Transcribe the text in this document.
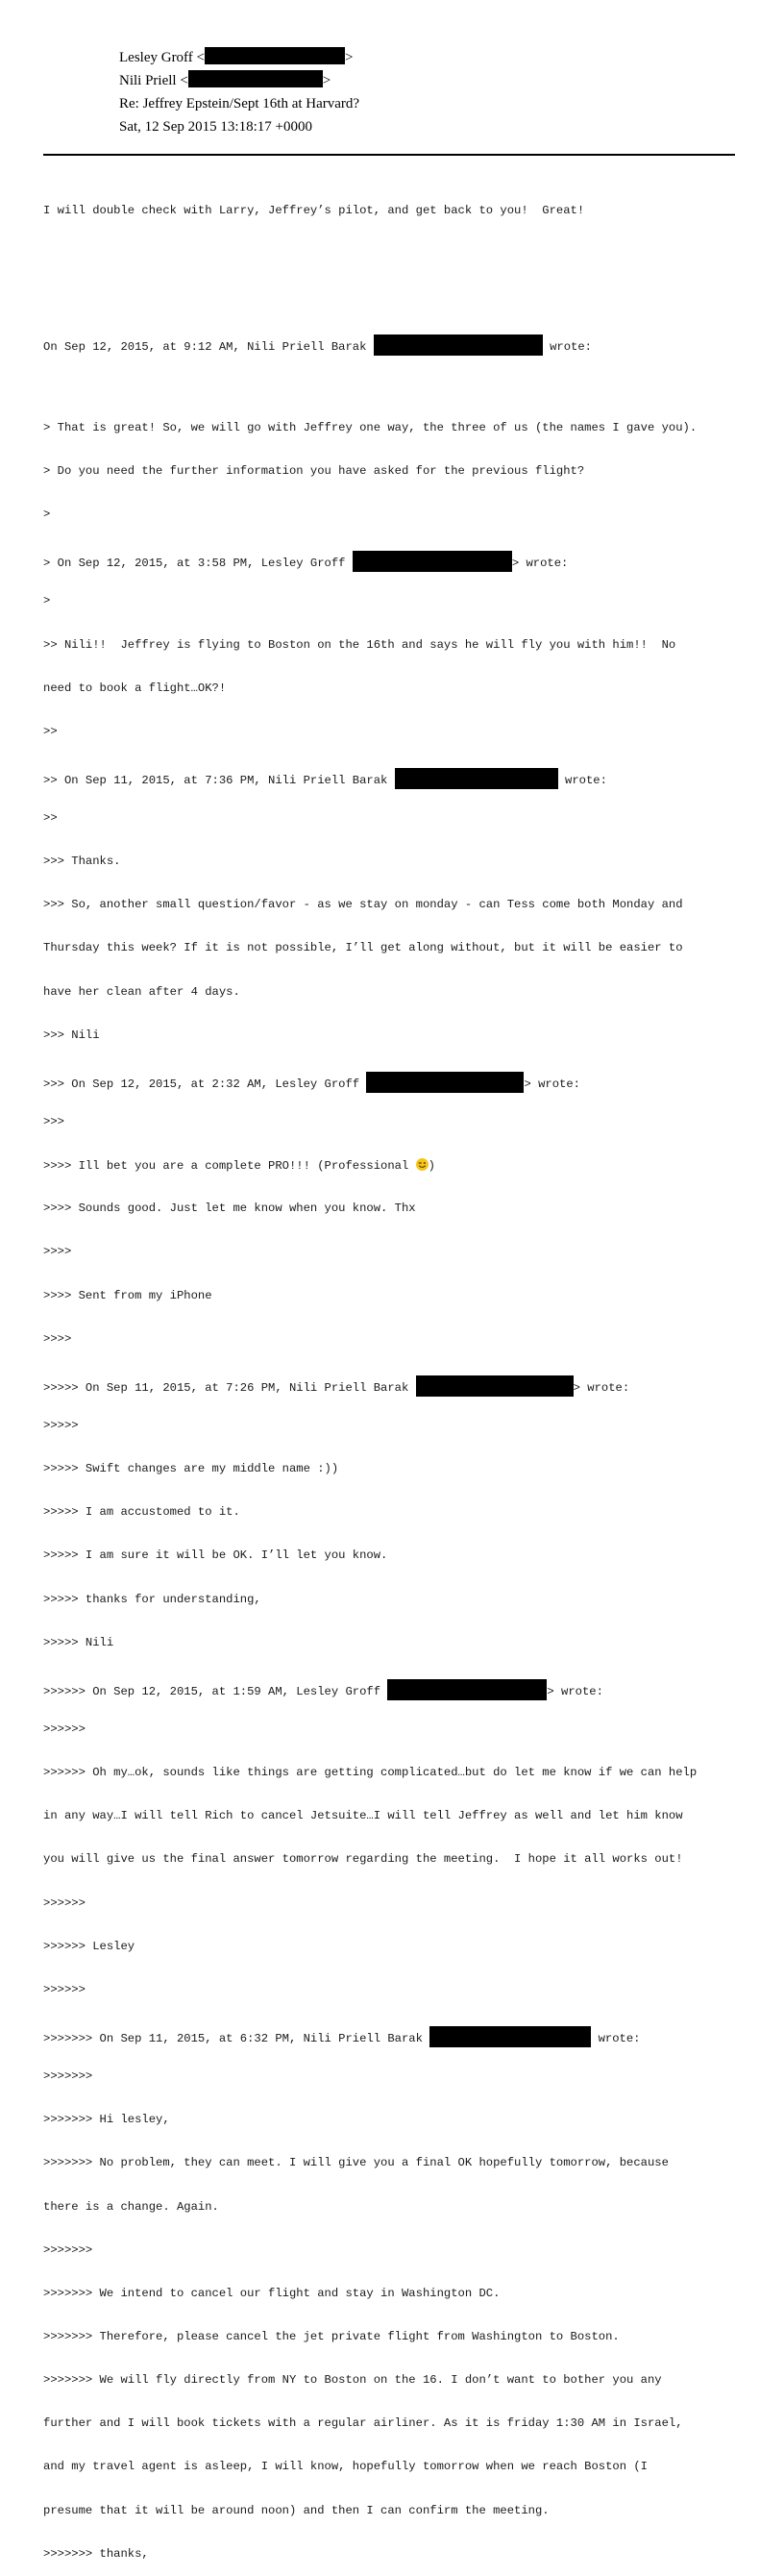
Lesley Groff <	>
Nili Priell <	>
Re: Jeffrey Epstein/Sept 16th at Harvard?
Sat, 12 Sep 2015 13:18:17 +0000

I will double check with Larry, Jeffrey’s pilot, and get back to you!  Great!

On Sep 12, 2015, at 9:12 AM, Nili Priell Barak	wrote:

> That is great! So, we will go with Jeffrey one way, the three of us (the names I gave you).

> Do you need the further information you have asked for the previous flight?

>

> On Sep 12, 2015, at 3:58 PM, Lesley Groff	> wrote:

>

>> Nili!!  Jeffrey is flying to Boston on the 16th and says he will fly you with him!!  No

need to book a flight…OK?!

>>

>> On Sep 11, 2015, at 7:36 PM, Nili Priell Barak	wrote:

>>

>>> Thanks.

>>> So, another small question/favor - as we stay on monday - can Tess come both Monday and

Thursday this week? If it is not possible, I’ll get along without, but it will be easier to

have her clean after 4 days.

>>> Nili

>>> On Sep 12, 2015, at 2:32 AM, Lesley Groff	> wrote:

>>>

>>>> Ill bet you are a complete PRO!!! (Professional
)

>>>> Sounds good. Just let me know when you know. Thx

>>>>

>>>> Sent from my iPhone

>>>>

>>>>> On Sep 11, 2015, at 7:26 PM, Nili Priell Barak	> wrote:

>>>>>

>>>>> Swift changes are my middle name :))

>>>>> I am accustomed to it.

>>>>> I am sure it will be OK. I’ll let you know.

>>>>> thanks for understanding,

>>>>> Nili

>>>>>> On Sep 12, 2015, at 1:59 AM, Lesley Groff	> wrote:

>>>>>>

>>>>>> Oh my…ok, sounds like things are getting complicated…but do let me know if we can help

in any way…I will tell Rich to cancel Jetsuite…I will tell Jeffrey as well and let him know

you will give us the final answer tomorrow regarding the meeting.  I hope it all works out!

>>>>>>

>>>>>> Lesley

>>>>>>

>>>>>>> On Sep 11, 2015, at 6:32 PM, Nili Priell Barak	wrote:

>>>>>>>

>>>>>>> Hi lesley,

>>>>>>> No problem, they can meet. I will give you a final OK hopefully tomorrow, because

there is a change. Again.

>>>>>>>

>>>>>>> We intend to cancel our flight and stay in Washington DC.

>>>>>>> Therefore, please cancel the jet private flight from Washington to Boston.

>>>>>>> We will fly directly from NY to Boston on the 16. I don’t want to bother you any

further and I will book tickets with a regular airliner. As it is friday 1:30 AM in Israel,

and my travel agent is asleep, I will know, hopefully tomorrow when we reach Boston (I

presume that it will be around noon) and then I can confirm the meeting.

>>>>>>> thanks,
